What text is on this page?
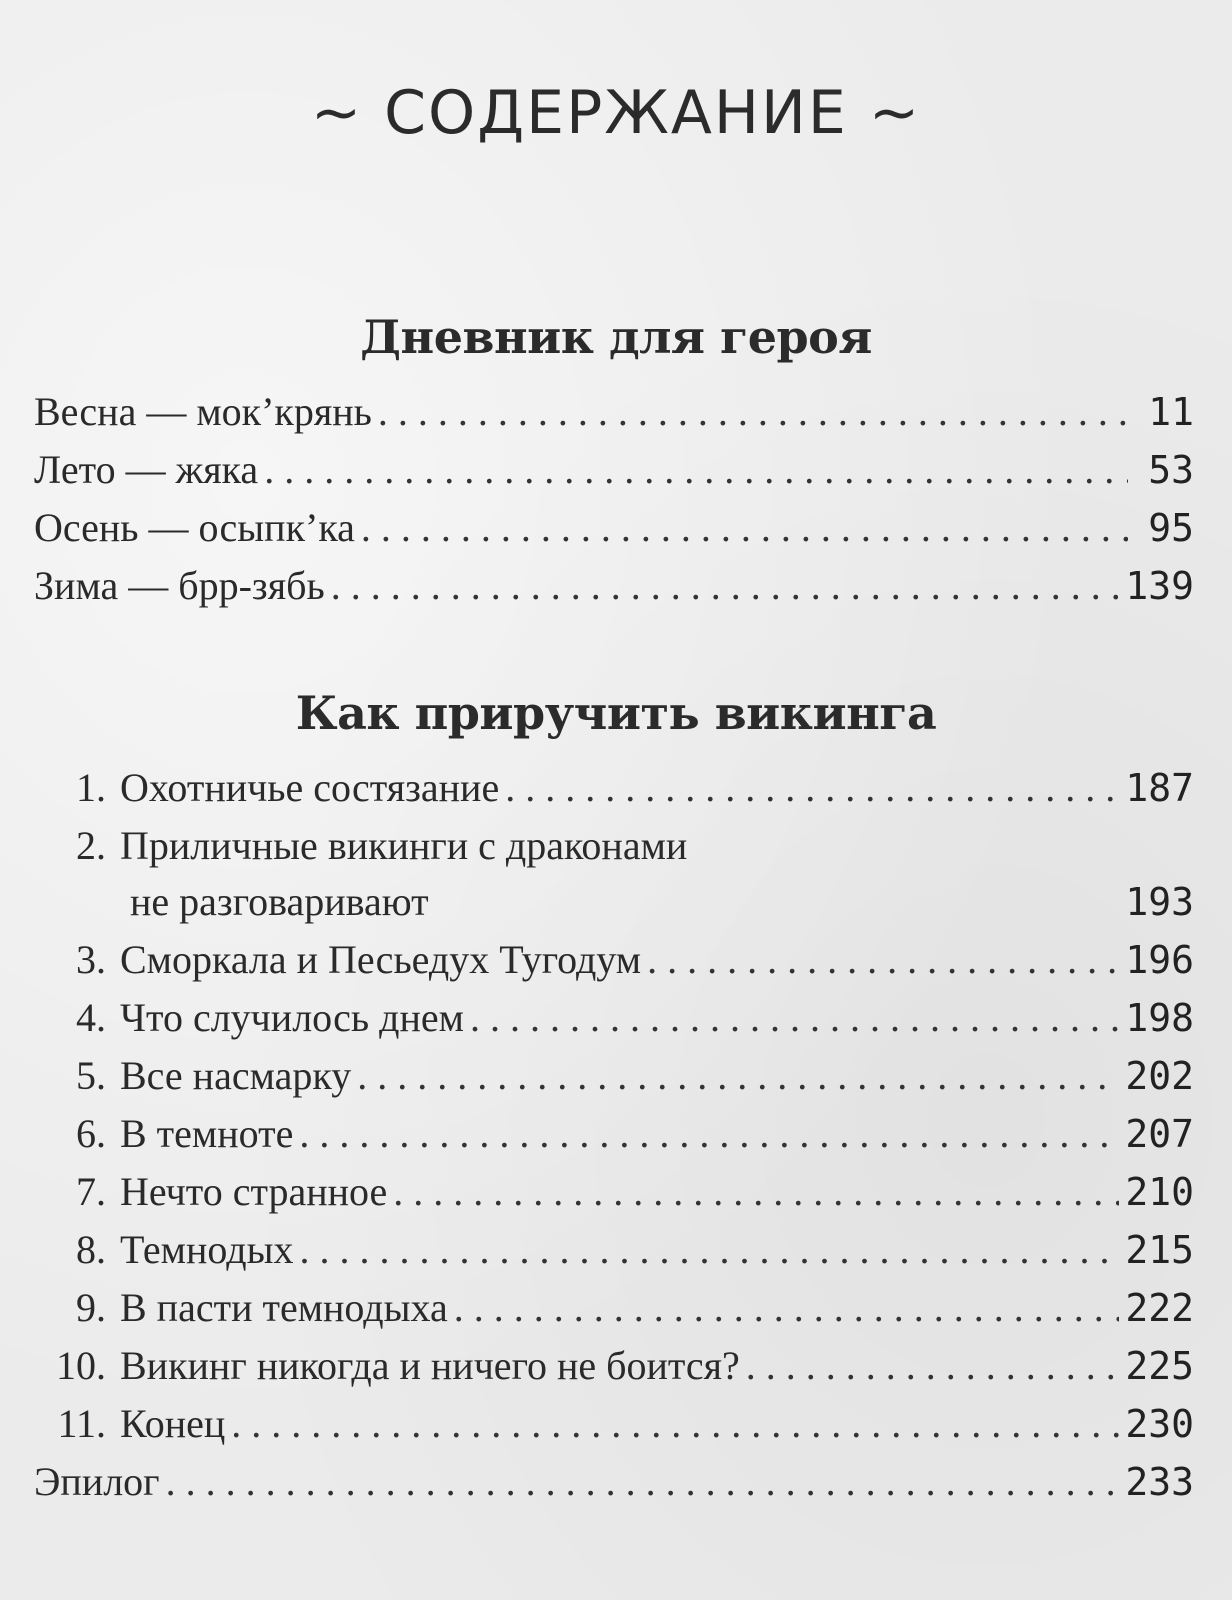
~ СОДЕРЖАНИЕ ~
Дневник для героя
Весна — мок’крянь . . .	11
Лето — жяка . . .	53
Осень — осыпк’ка . . .	95
Зима — брр-зябь . . .	139
Как приручить викинга
1. Охотничье состязание . . .	187
2. Приличные викинги с драконами
не разговаривают	193
3. Сморкала и Песьедух Тугодум . . .	196
4. Что случилось днем . . .	198
5. Все насмарку . . .	202
6. В темноте . . .	207
7. Нечто странное . . .	210
8. Темнодых . . .	215
9. В пасти темнодыха . . .	222
10. Викинг никогда и ничего не боится? . . .	225
11. Конец . . .	230
Эпилог . . .	233
